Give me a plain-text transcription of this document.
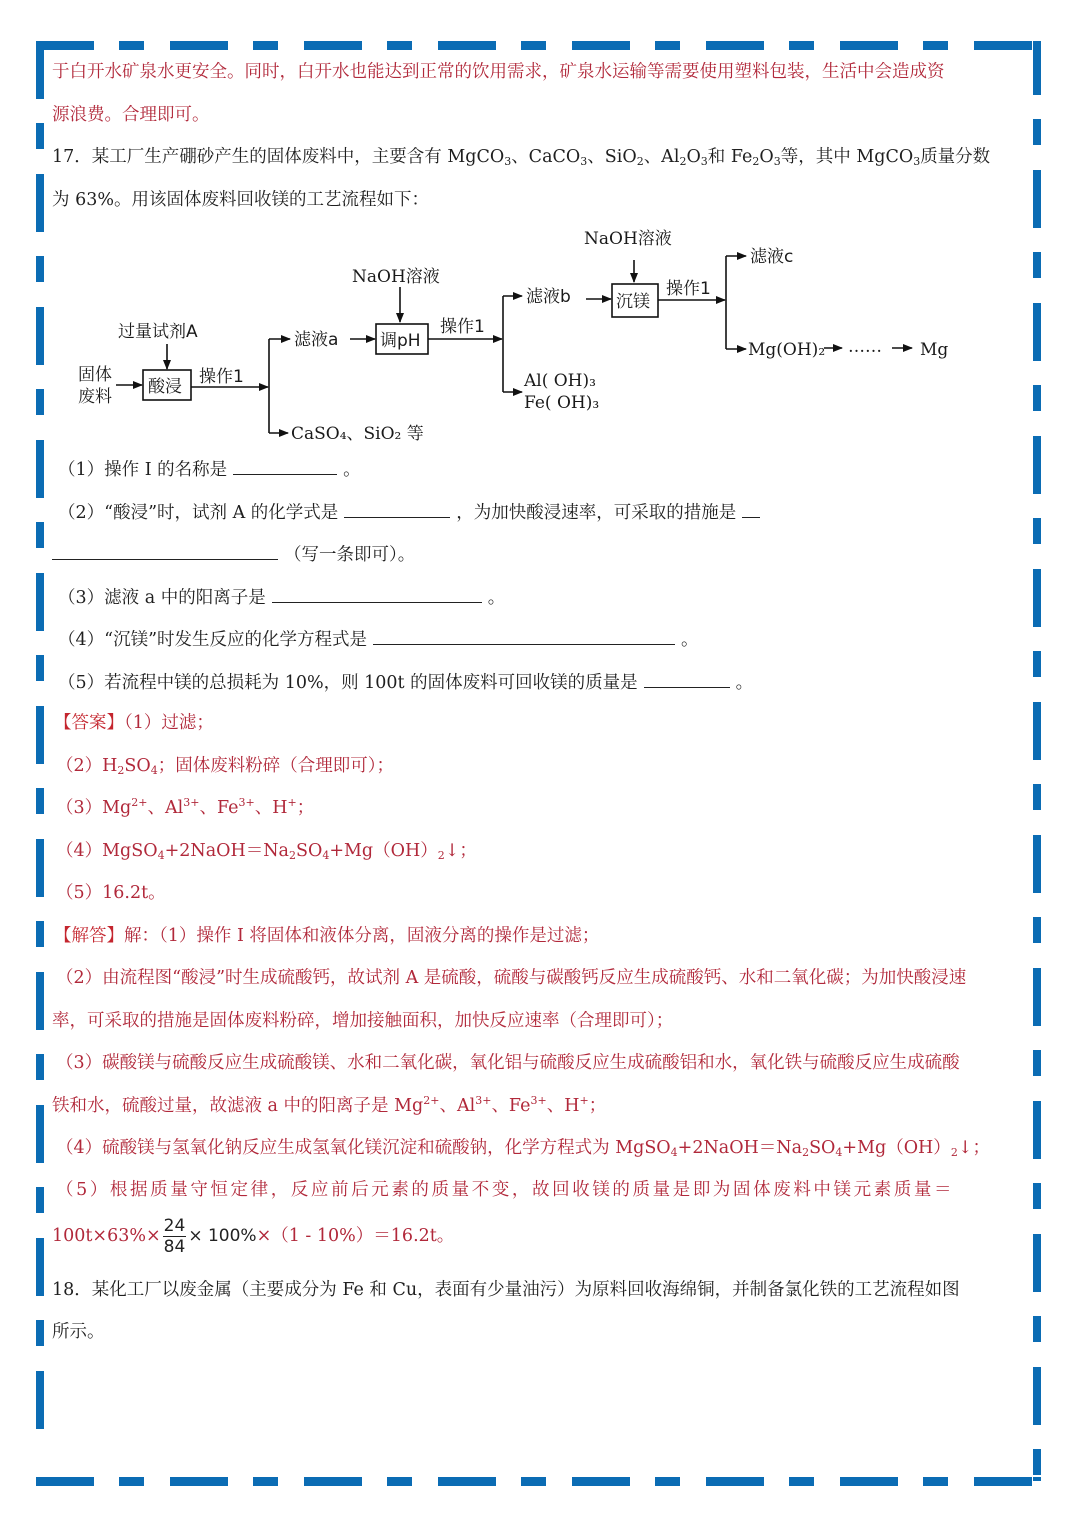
于白开水矿泉水更安全。同时，白开水也能达到正常的饮用需求，矿泉水运输等需要使用塑料包装，生活中会造成资
源浪费。合理即可。
17．某工厂生产硼砂产生的固体废料中，主要含有 MgCO$_3$、CaCO$_3$、SiO$_2$、$Al_2O_3$和 $Fe_2O_3$等，其中 MgCO$_3$质量分数
为 63%。用该固体废料回收镁的工艺流程如下：
固体
废料
过量试剂A
酸浸 操作1
滤液a
CaSO₄、SiO₂ 等
NaOH溶液
调pH
操作1
滤液b
Al( OH)₃
Fe( OH)₃
NaOH溶液
沉镁
操作1
滤液c
Mg(OH)₂ …… Mg
（1）操作 I 的名称是	。
（2）“酸浸”时，试剂 A 的化学式是	，为加快酸浸速率，可采取的措施是
（写一条即可）。
（3）滤液 a 中的阳离子是	。
（4）“沉镁”时发生反应的化学方程式是	。
（5）若流程中镁的总损耗为 10%，则 100t 的固体废料可回收镁的质量是	。
【答案】（1）过滤；
$(2)H_2SO_4$；固体废料粉碎（合理即可）；
$(3)Mg^{2+}$、$Al^{3+}$、$Fe^{3+}$、H+；
$(4)MgSO_4+2NaOH=Na_2SO_4+Mg(OH)_2↓$；
（5）16.2t。
【解答】解：（1）操作 I 将固体和液体分离，固液分离的操作是过滤；
（2）由流程图“酸浸”时生成硫酸钙，故试剂 A 是硫酸，硫酸与碳酸钙反应生成硫酸钙、水和二氧化碳；为加快酸浸速
率，可采取的措施是固体废料粉碎，增加接触面积，加快反应速率（合理即可）；
（3）碳酸镁与硫酸反应生成硫酸镁、水和二氧化碳，氧化铝与硫酸反应生成硫酸铝和水，氧化铁与硫酸反应生成硫酸
铁和水，硫酸过量，故滤液 a 中的阳离子是 $Mg^{2+}$、$Al^{3+}$、$Fe^{3+}$、H+；
（4）硫酸镁与氢氧化钠反应生成氢氧化镁沉淀和硫酸钠，化学方程式为 $MgSO_4+2NaOH=Na_2SO_4+Mg(OH)_2↓$；
（5）根据质量守恒定律，反应前后元素的质量不变，故回收镁的质量是即为固体废料中镁元素质量＝
$100t\times 63\%\times \frac{24}{84} \times 100\%\times(1 - 10\%)=16.2t$。
18．某化工厂以废金属（主要成分为 Fe 和 Cu，表面有少量油污）为原料回收海绵铜，并制备氯化铁的工艺流程如图
所示。
